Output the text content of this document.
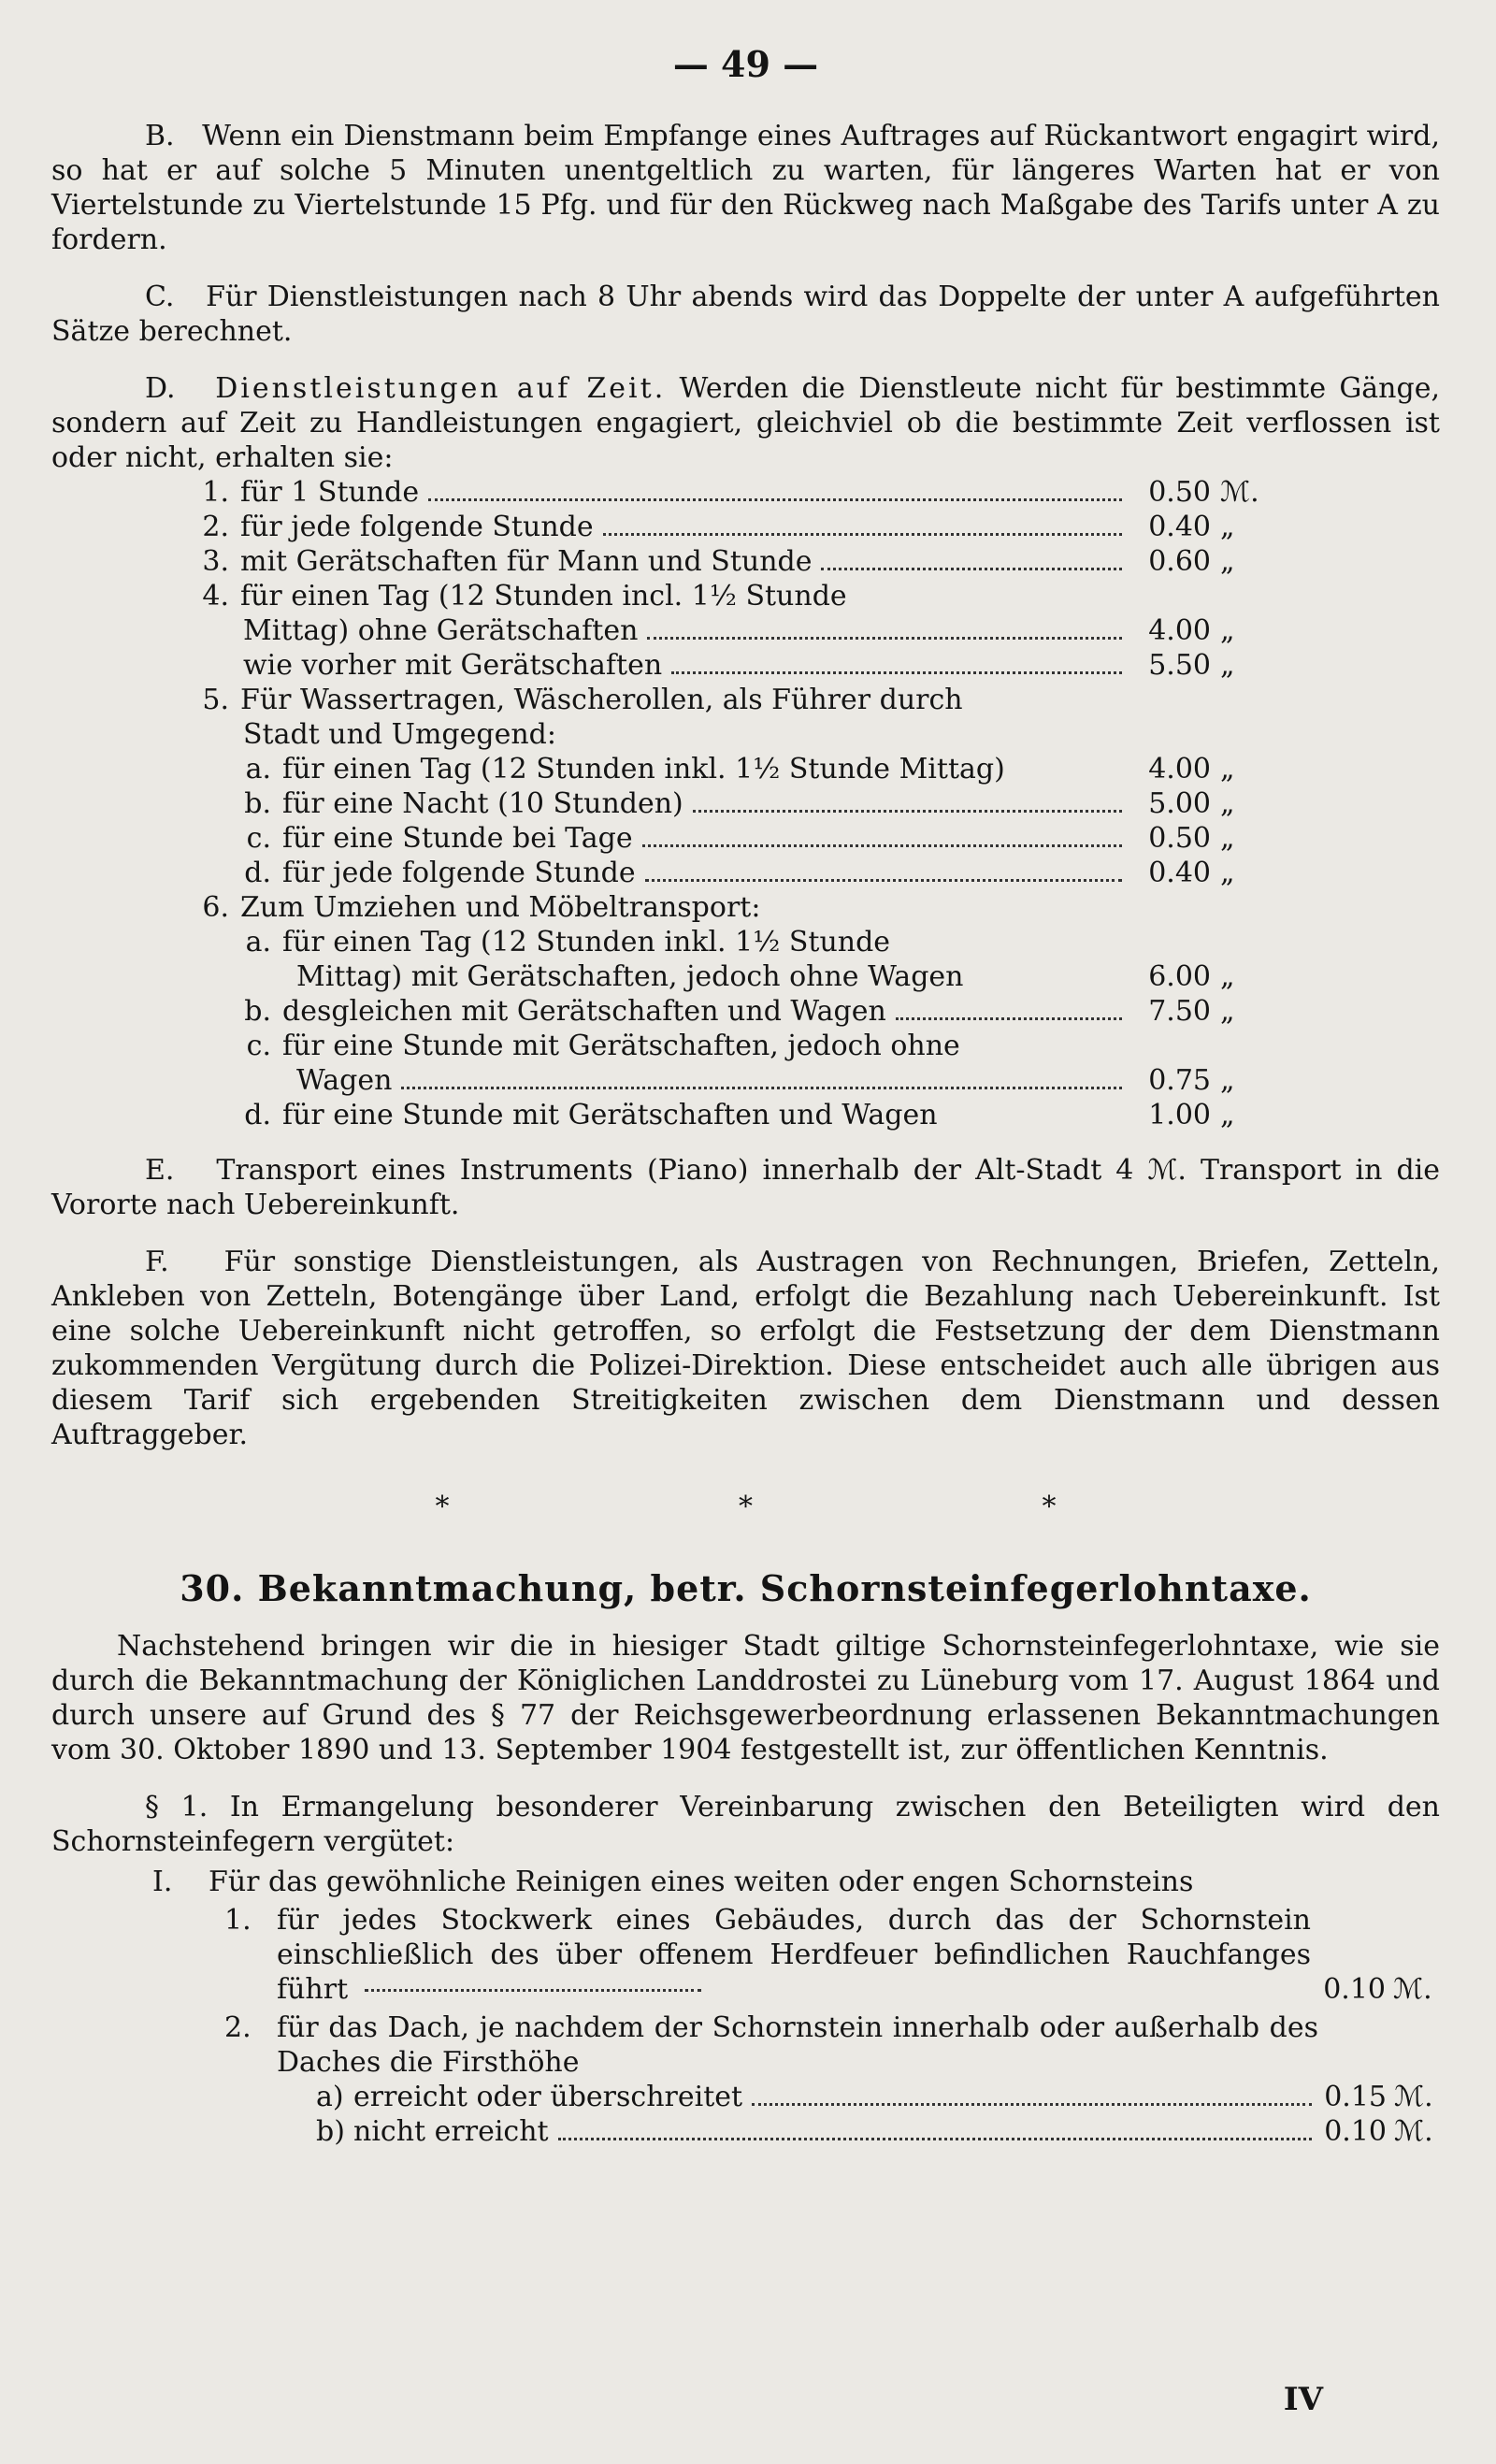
— 49 —

B. Wenn ein Dienstmann beim Empfange eines Auftrages auf Rückantwort engagirt wird, so hat er auf solche 5 Minuten unentgeltlich zu warten, für längeres Warten hat er von Viertelstunde zu Viertelstunde 15 Pfg. und für den Rückweg nach Maßgabe des Tarifs unter A zu fordern.

C. Für Dienstleistungen nach 8 Uhr abends wird das Doppelte der unter A aufgeführten Sätze berechnet.

D. Dienstleistungen auf Zeit. Werden die Dienstleute nicht für bestimmte Gänge, sondern auf Zeit zu Handleistungen engagiert, gleichviel ob die bestimmte Zeit verflossen ist oder nicht, erhalten sie:

1. für 1 Stunde	0.50 ℳ.
2. für jede folgende Stunde	0.40 „
3. mit Gerätschaften für Mann und Stunde	0.60 „
4. für einen Tag (12 Stunden incl. 1½ Stunde
Mittag) ohne Gerätschaften	4.00 „
wie vorher mit Gerätschaften	5.50 „
5. Für Wassertragen, Wäscherollen, als Führer durch
Stadt und Umgegend:
a. für einen Tag (12 Stunden inkl. 1½ Stunde Mittag)	4.00 „
b. für eine Nacht (10 Stunden)	5.00 „
c. für eine Stunde bei Tage	0.50 „
d. für jede folgende Stunde	0.40 „
6. Zum Umziehen und Möbeltransport:
a. für einen Tag (12 Stunden inkl. 1½ Stunde
Mittag) mit Gerätschaften, jedoch ohne Wagen	6.00 „
b. desgleichen mit Gerätschaften und Wagen	7.50 „
c. für eine Stunde mit Gerätschaften, jedoch ohne
Wagen	0.75 „
d. für eine Stunde mit Gerätschaften und Wagen	1.00 „

E. Transport eines Instruments (Piano) innerhalb der Alt-Stadt 4 ℳ. Transport in die Vororte nach Uebereinkunft.

F. Für sonstige Dienstleistungen, als Austragen von Rechnungen, Briefen, Zetteln, Ankleben von Zetteln, Botengänge über Land, erfolgt die Bezahlung nach Uebereinkunft. Ist eine solche Uebereinkunft nicht getroffen, so erfolgt die Festsetzung der dem Dienstmann zukommenden Vergütung durch die Polizei-Direktion. Diese entscheidet auch alle übrigen aus diesem Tarif sich ergebenden Streitigkeiten zwischen dem Dienstmann und dessen Auftraggeber.

* * *
30. Bekanntmachung, betr. Schornsteinfegerlohntaxe.

Nachstehend bringen wir die in hiesiger Stadt giltige Schornsteinfegerlohntaxe, wie sie durch die Bekanntmachung der Königlichen Landdrostei zu Lüneburg vom 17. August 1864 und durch unsere auf Grund des § 77 der Reichsgewerbeordnung erlassenen Bekanntmachungen vom 30. Oktober 1890 und 13. September 1904 festgestellt ist, zur öffentlichen Kenntnis.

§ 1. In Ermangelung besonderer Vereinbarung zwischen den Beteiligten wird den Schornsteinfegern vergütet:

I.	Für das gewöhnliche Reinigen eines weiten oder engen Schornsteins
1. für jedes Stockwerk eines Gebäudes, durch das der Schornstein einschließlich des über offenem Herdfeuer befindlichen Rauchfanges führt	0.10 ℳ.
2. für das Dach, je nachdem der Schornstein innerhalb oder außerhalb des Daches die Firsthöhe
a) erreicht oder überschreitet	0.15 ℳ.
b) nicht erreicht	0.10 ℳ.
IV
